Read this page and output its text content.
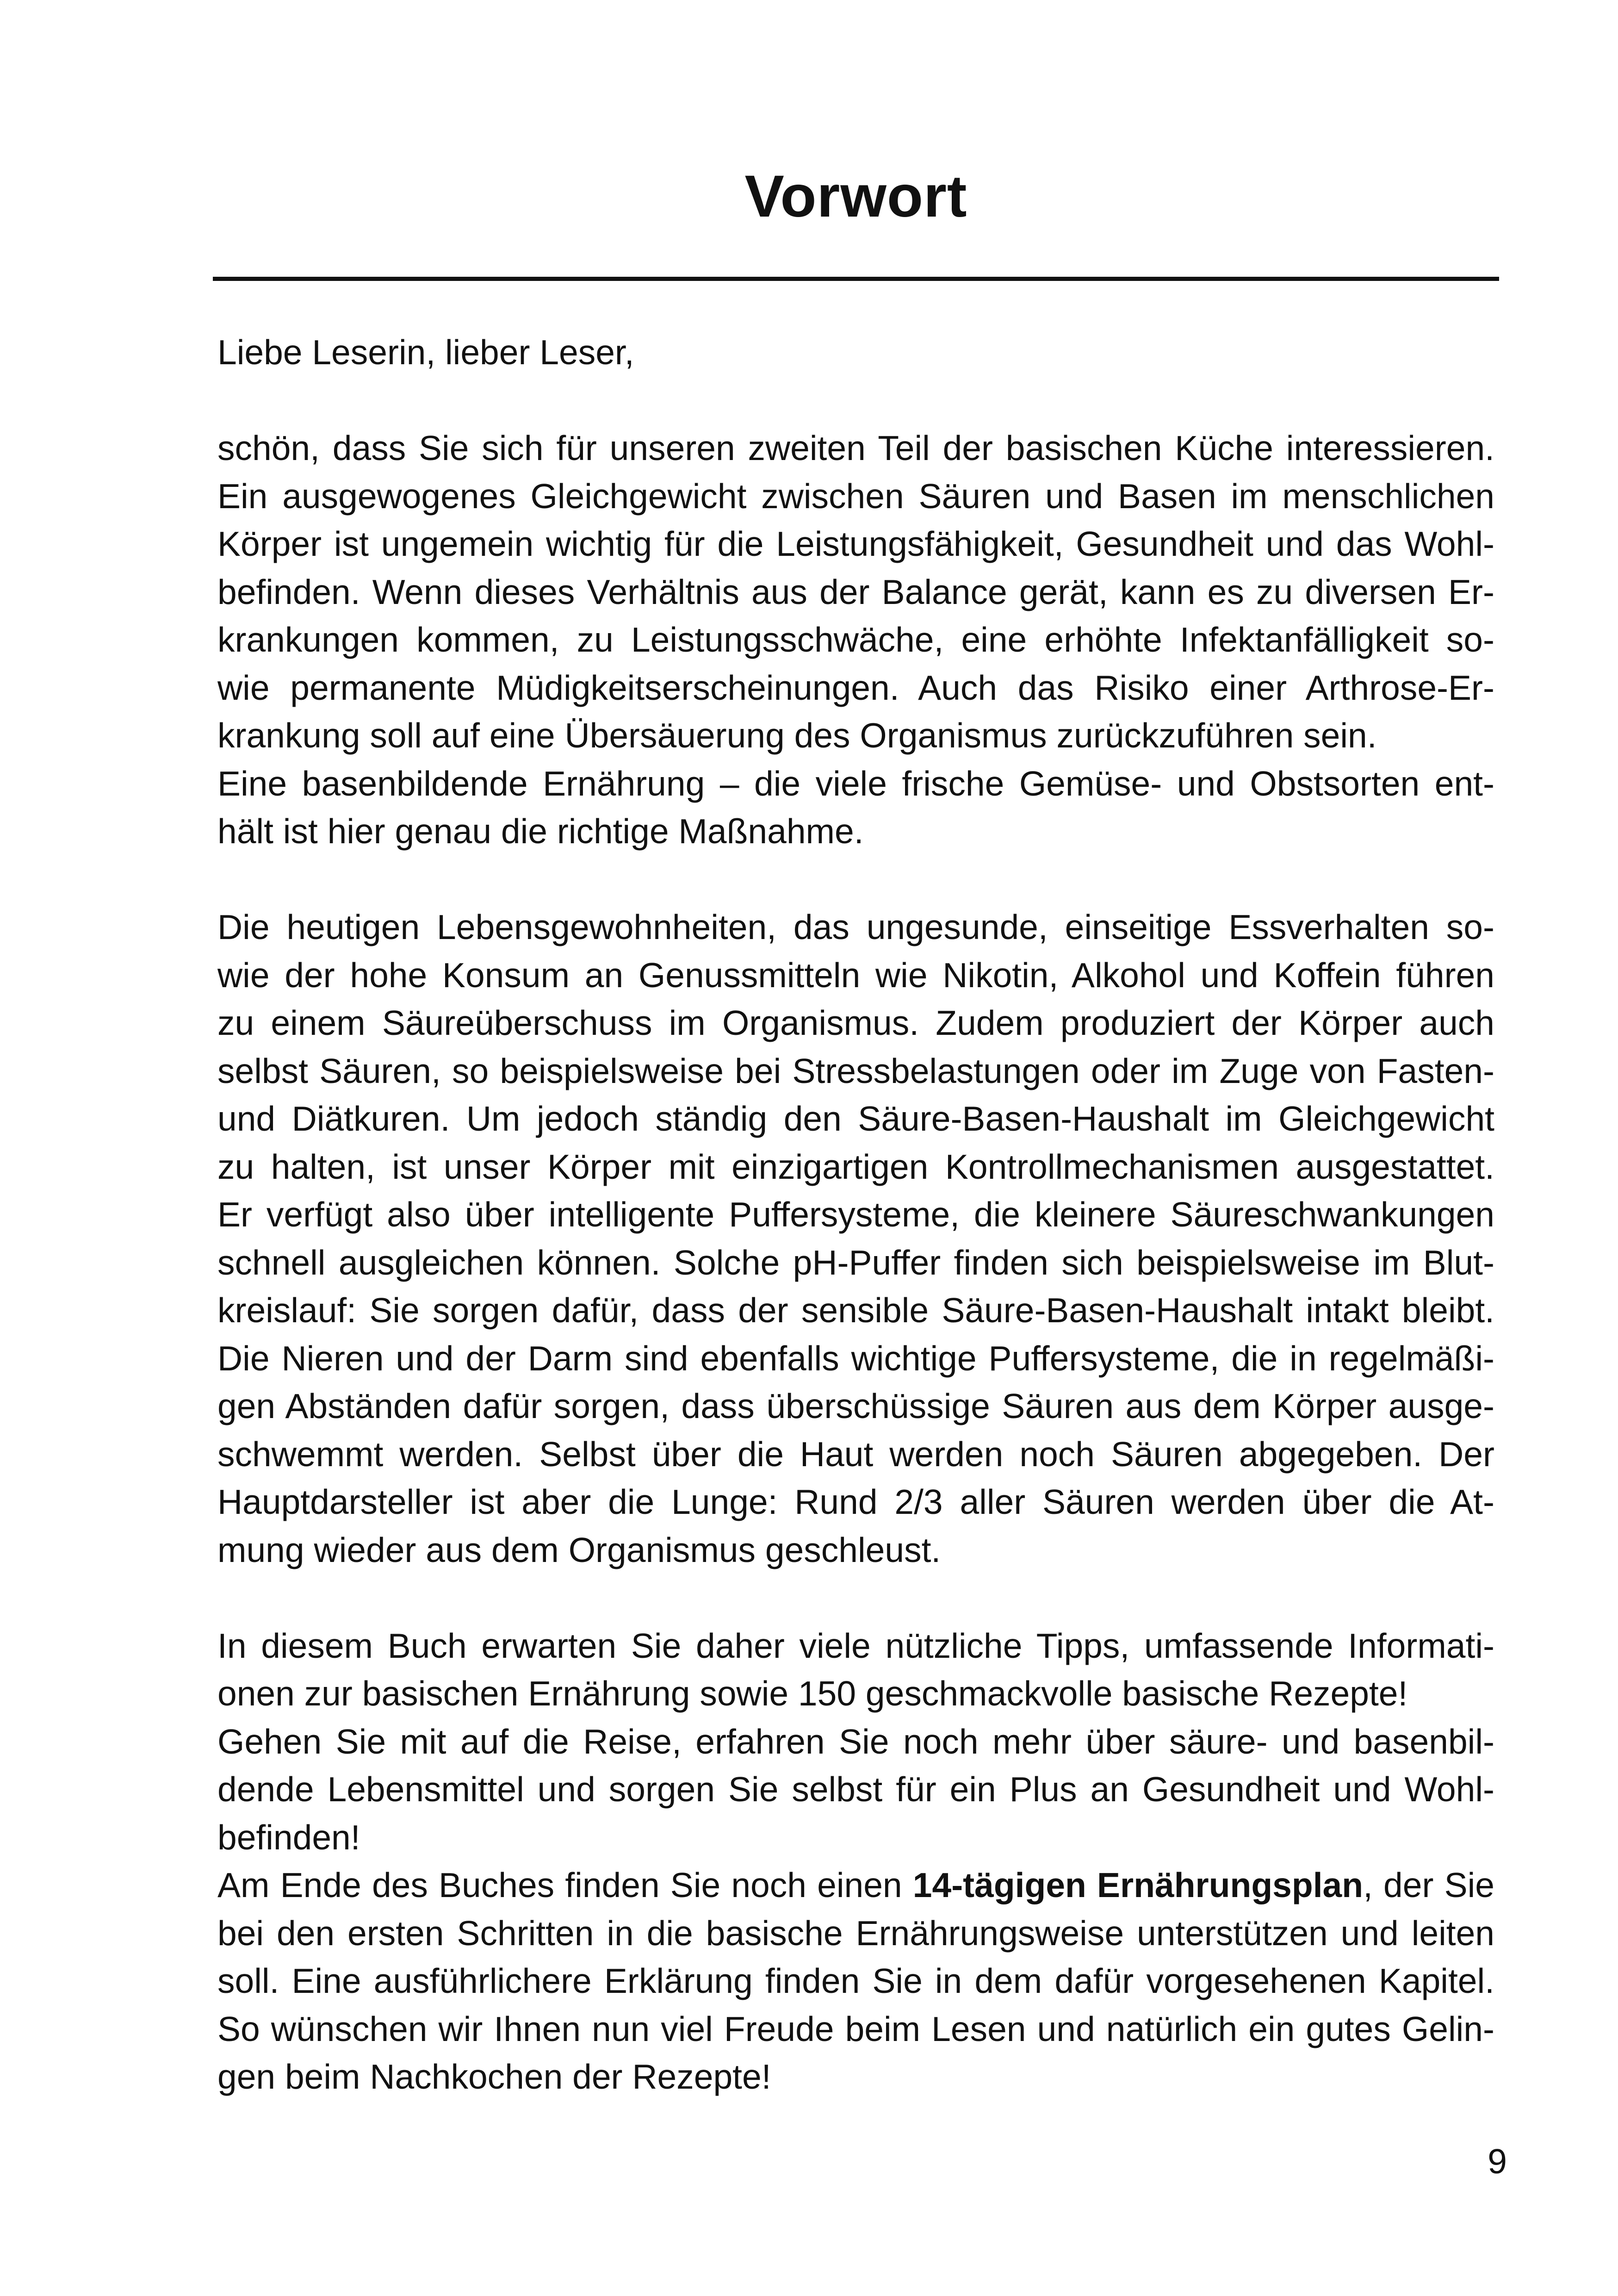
Vorwort

Liebe Leserin, lieber Leser,

schön, dass Sie sich für unseren zweiten Teil der basischen Küche interessieren.
Ein ausgewogenes Gleichgewicht zwischen Säuren und Basen im menschlichen
Körper ist ungemein wichtig für die Leistungsfähigkeit, Gesundheit und das Wohl-
befinden. Wenn dieses Verhältnis aus der Balance gerät, kann es zu diversen Er-
krankungen kommen, zu Leistungsschwäche, eine erhöhte Infektanfälligkeit so-
wie permanente Müdigkeitserscheinungen. Auch das Risiko einer Arthrose-Er-
krankung soll auf eine Übersäuerung des Organismus zurückzuführen sein.
Eine basenbildende Ernährung – die viele frische Gemüse- und Obstsorten ent-
hält ist hier genau die richtige Maßnahme.
Die heutigen Lebensgewohnheiten, das ungesunde, einseitige Essverhalten so-
wie der hohe Konsum an Genussmitteln wie Nikotin, Alkohol und Koffein führen
zu einem Säureüberschuss im Organismus. Zudem produziert der Körper auch
selbst Säuren, so beispielsweise bei Stressbelastungen oder im Zuge von Fasten-
und Diätkuren. Um jedoch ständig den Säure-Basen-Haushalt im Gleichgewicht
zu halten, ist unser Körper mit einzigartigen Kontrollmechanismen ausgestattet.
Er verfügt also über intelligente Puffersysteme, die kleinere Säureschwankungen
schnell ausgleichen können. Solche pH-Puffer finden sich beispielsweise im Blut-
kreislauf: Sie sorgen dafür, dass der sensible Säure-Basen-Haushalt intakt bleibt.
Die Nieren und der Darm sind ebenfalls wichtige Puffersysteme, die in regelmäßi-
gen Abständen dafür sorgen, dass überschüssige Säuren aus dem Körper ausge-
schwemmt werden. Selbst über die Haut werden noch Säuren abgegeben. Der
Hauptdarsteller ist aber die Lunge: Rund 2/3 aller Säuren werden über die At-
mung wieder aus dem Organismus geschleust.
In diesem Buch erwarten Sie daher viele nützliche Tipps, umfassende Informati-
onen zur basischen Ernährung sowie 150 geschmackvolle basische Rezepte!
Gehen Sie mit auf die Reise, erfahren Sie noch mehr über säure- und basenbil-
dende Lebensmittel und sorgen Sie selbst für ein Plus an Gesundheit und Wohl-
befinden!
Am Ende des Buches finden Sie noch einen 14-tägigen Ernährungsplan, der Sie
bei den ersten Schritten in die basische Ernährungsweise unterstützen und leiten
soll. Eine ausführlichere Erklärung finden Sie in dem dafür vorgesehenen Kapitel.
So wünschen wir Ihnen nun viel Freude beim Lesen und natürlich ein gutes Gelin-
gen beim Nachkochen der Rezepte!
9
